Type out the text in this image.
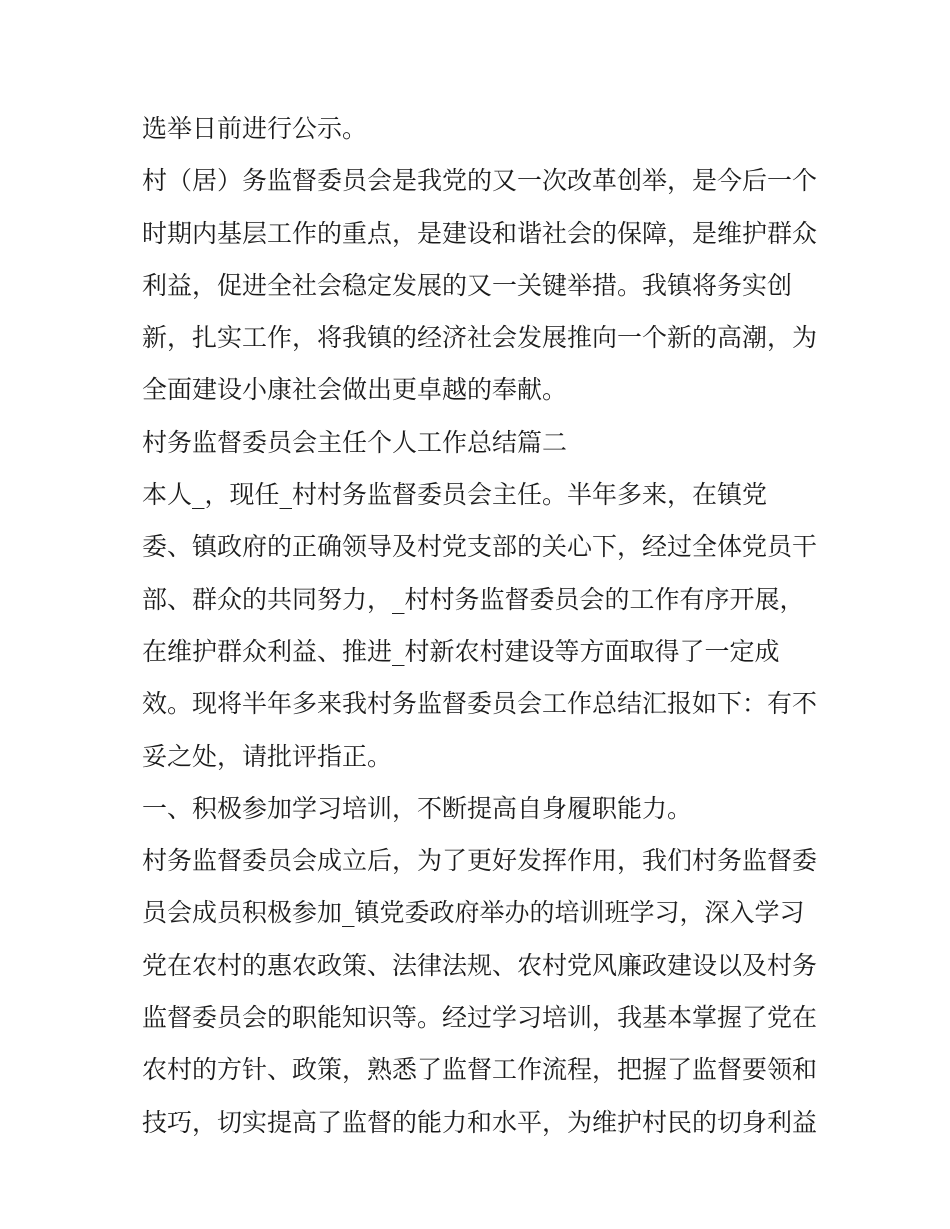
选举日前进行公示。
村（居）务监督委员会是我党的又一次改革创举，是今后一个
时期内基层工作的重点，是建设和谐社会的保障，是维护群众
利益，促进全社会稳定发展的又一关键举措。我镇将务实创
新，扎实工作，将我镇的经济社会发展推向一个新的高潮，为
全面建设小康社会做出更卓越的奉献。
村务监督委员会主任个人工作总结篇二
本人_，现任_村村务监督委员会主任。半年多来，在镇党
委、镇政府的正确领导及村党支部的关心下，经过全体党员干
部、群众的共同努力，_村村务监督委员会的工作有序开展，
在维护群众利益、推进_村新农村建设等方面取得了一定成
效。现将半年多来我村务监督委员会工作总结汇报如下：有不
妥之处，请批评指正。
一、积极参加学习培训，不断提高自身履职能力。
村务监督委员会成立后，为了更好发挥作用，我们村务监督委
员会成员积极参加_镇党委政府举办的培训班学习，深入学习
党在农村的惠农政策、法律法规、农村党风廉政建设以及村务
监督委员会的职能知识等。经过学习培训，我基本掌握了党在
农村的方针、政策，熟悉了监督工作流程，把握了监督要领和
技巧，切实提高了监督的能力和水平，为维护村民的切身利益
